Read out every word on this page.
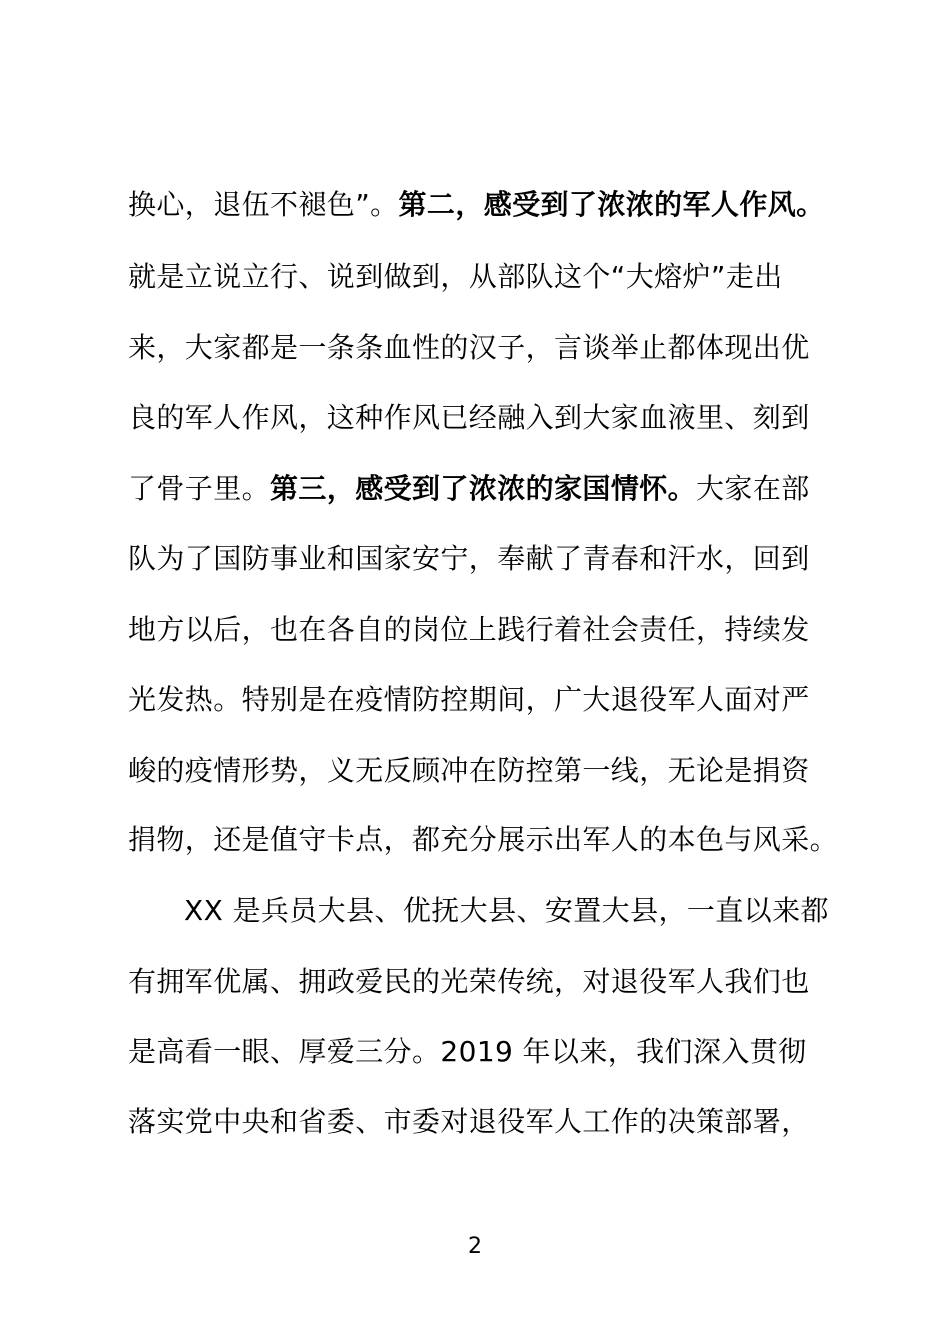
换心，退伍不褪色”。第二，感受到了浓浓的军人作风。
就是立说立行、说到做到，从部队这个“大熔炉”走出
来，大家都是一条条血性的汉子，言谈举止都体现出优
良的军人作风，这种作风已经融入到大家血液里、刻到
了骨子里。第三，感受到了浓浓的家国情怀。大家在部
队为了国防事业和国家安宁，奉献了青春和汗水，回到
地方以后，也在各自的岗位上践行着社会责任，持续发
光发热。特别是在疫情防控期间，广大退役军人面对严
峻的疫情形势，义无反顾冲在防控第一线，无论是捐资
捐物，还是值守卡点，都充分展示出军人的本色与风采。
XX 是兵员大县、优抚大县、安置大县，一直以来都
有拥军优属、拥政爱民的光荣传统，对退役军人我们也
是高看一眼、厚爱三分。2019 年以来，我们深入贯彻
落实党中央和省委、市委对退役军人工作的决策部署，
2
